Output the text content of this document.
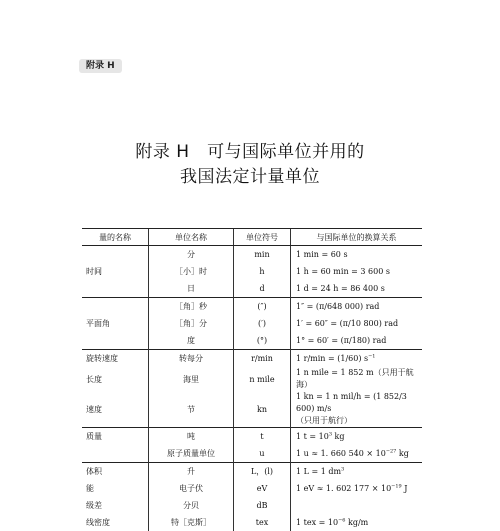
附录 H
附录 H　可与国际单位并用的
我国法定计量单位
量的名称	单位名称	单位符号	与国际单位的换算关系
	分	min	1 min = 60 s
时间	［小］时	h	1 h = 60 min = 3 600 s
	日	d	1 d = 24 h = 86 400 s
	［角］秒	(″)	1″ = (π/648 000) rad
平面角	［角］分	(′)	1′ = 60″ = (π/10 800) rad
	度	(°)	1° = 60′ = (π/180) rad
旋转速度	转每分	r/min	1 r/min = (1/60) $s^{-1}$
长度	海里	n mile	1 n mile = 1 852 m（只用于航海）
速度	节	kn	1 kn = 1 n mil/h = (1 852/3 600) m/s
（只用于航行）
质量	吨	t	1 $t = 10^3$ kg
	原子质量单位	u	1 u ≈ 1. 660 $540 \times 10^{-27}$ kg
体积	升	L，(l)	1 L = 1 $dm^3$
能	电子伏	eV	1 eV ≈ 1. 602 $177 \times 10^{-19}$ J
级差	分贝	dB	
线密度	特［克斯］	tex	1 tex = $10^{-6}$ kg/m
